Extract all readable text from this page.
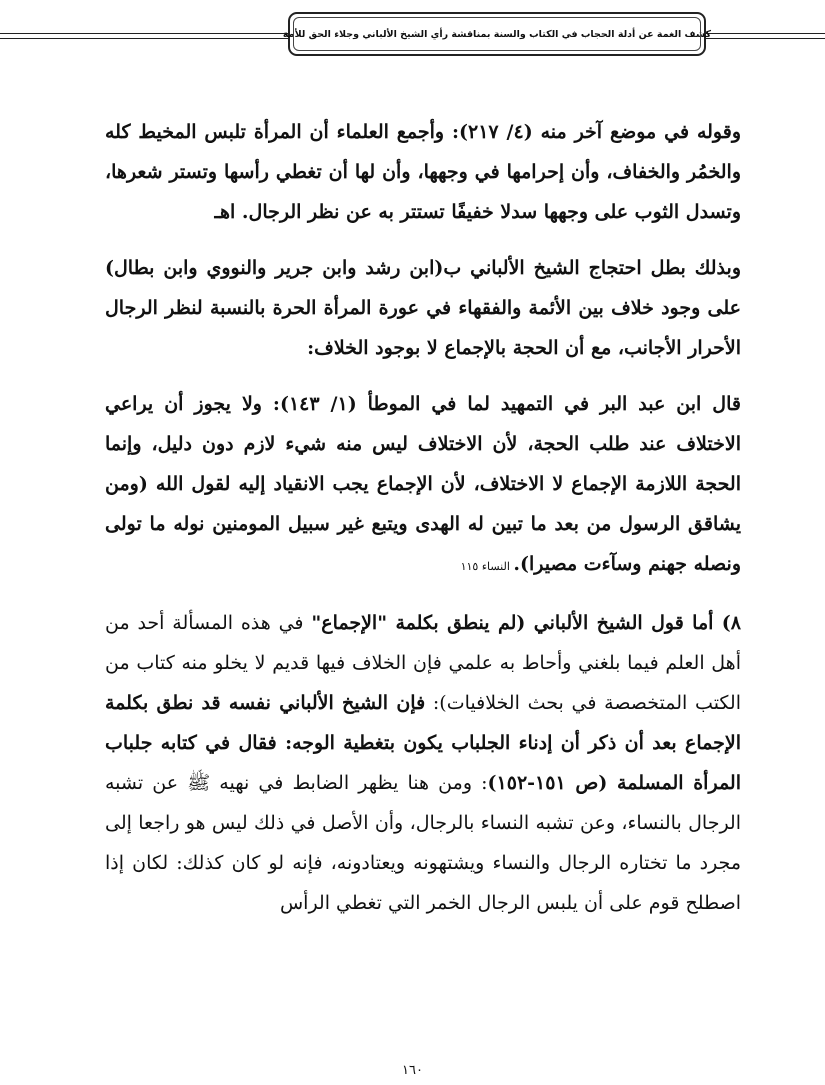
كشف الغمة عن أدلة الحجاب في الكتاب والسنة بمناقشة رأي الشيخ الألباني وجلاء الحق للأمة

وقوله في موضع آخر منه (٤/ ٢١٧): وأجمع العلماء أن المرأة تلبس المخيط كله والخمُر والخفاف، وأن إحرامها في وجهها، وأن لها أن تغطي رأسها وتستر شعرها، وتسدل الثوب على وجهها سدلا خفيفًا تستتر به عن نظر الرجال. اهـ

وبذلك بطل احتجاج الشيخ الألباني ب(ابن رشد وابن جرير والنووي وابن بطال) على وجود خلاف بين الأئمة والفقهاء في عورة المرأة الحرة بالنسبة لنظر الرجال الأحرار الأجانب، مع أن الحجة بالإجماع لا بوجود الخلاف:

قال ابن عبد البر في التمهيد لما في الموطأ (١/ ١٤٣): ولا يجوز أن يراعي الاختلاف عند طلب الحجة، لأن الاختلاف ليس منه شيء لازم دون دليل، وإنما الحجة اللازمة الإجماع لا الاختلاف، لأن الإجماع يجب الانقياد إليه لقول الله (ومن يشاقق الرسول من بعد ما تبين له الهدى ويتبع غير سبيل المومنين نوله ما تولى ونصله جهنم وسآءت مصيرا). النساء ١١٥

٨) أما قول الشيخ الألباني (لم ينطق بكلمة "الإجماع" في هذه المسألة أحد من أهل العلم فيما بلغني وأحاط به علمي فإن الخلاف فيها قديم لا يخلو منه كتاب من الكتب المتخصصة في بحث الخلافيات): فإن الشيخ الألباني نفسه قد نطق بكلمة الإجماع بعد أن ذكر أن إدناء الجلباب يكون بتغطية الوجه: فقال في كتابه جلباب المرأة المسلمة (ص ١٥١-١٥٢): ومن هنا يظهر الضابط في نهيه ﷺ عن تشبه الرجال بالنساء، وعن تشبه النساء بالرجال، وأن الأصل في ذلك ليس هو راجعا إلى مجرد ما تختاره الرجال والنساء ويشتهونه ويعتادونه، فإنه لو كان كذلك: لكان إذا اصطلح قوم على أن يلبس الرجال الخمر التي تغطي الرأس

١٦٠
